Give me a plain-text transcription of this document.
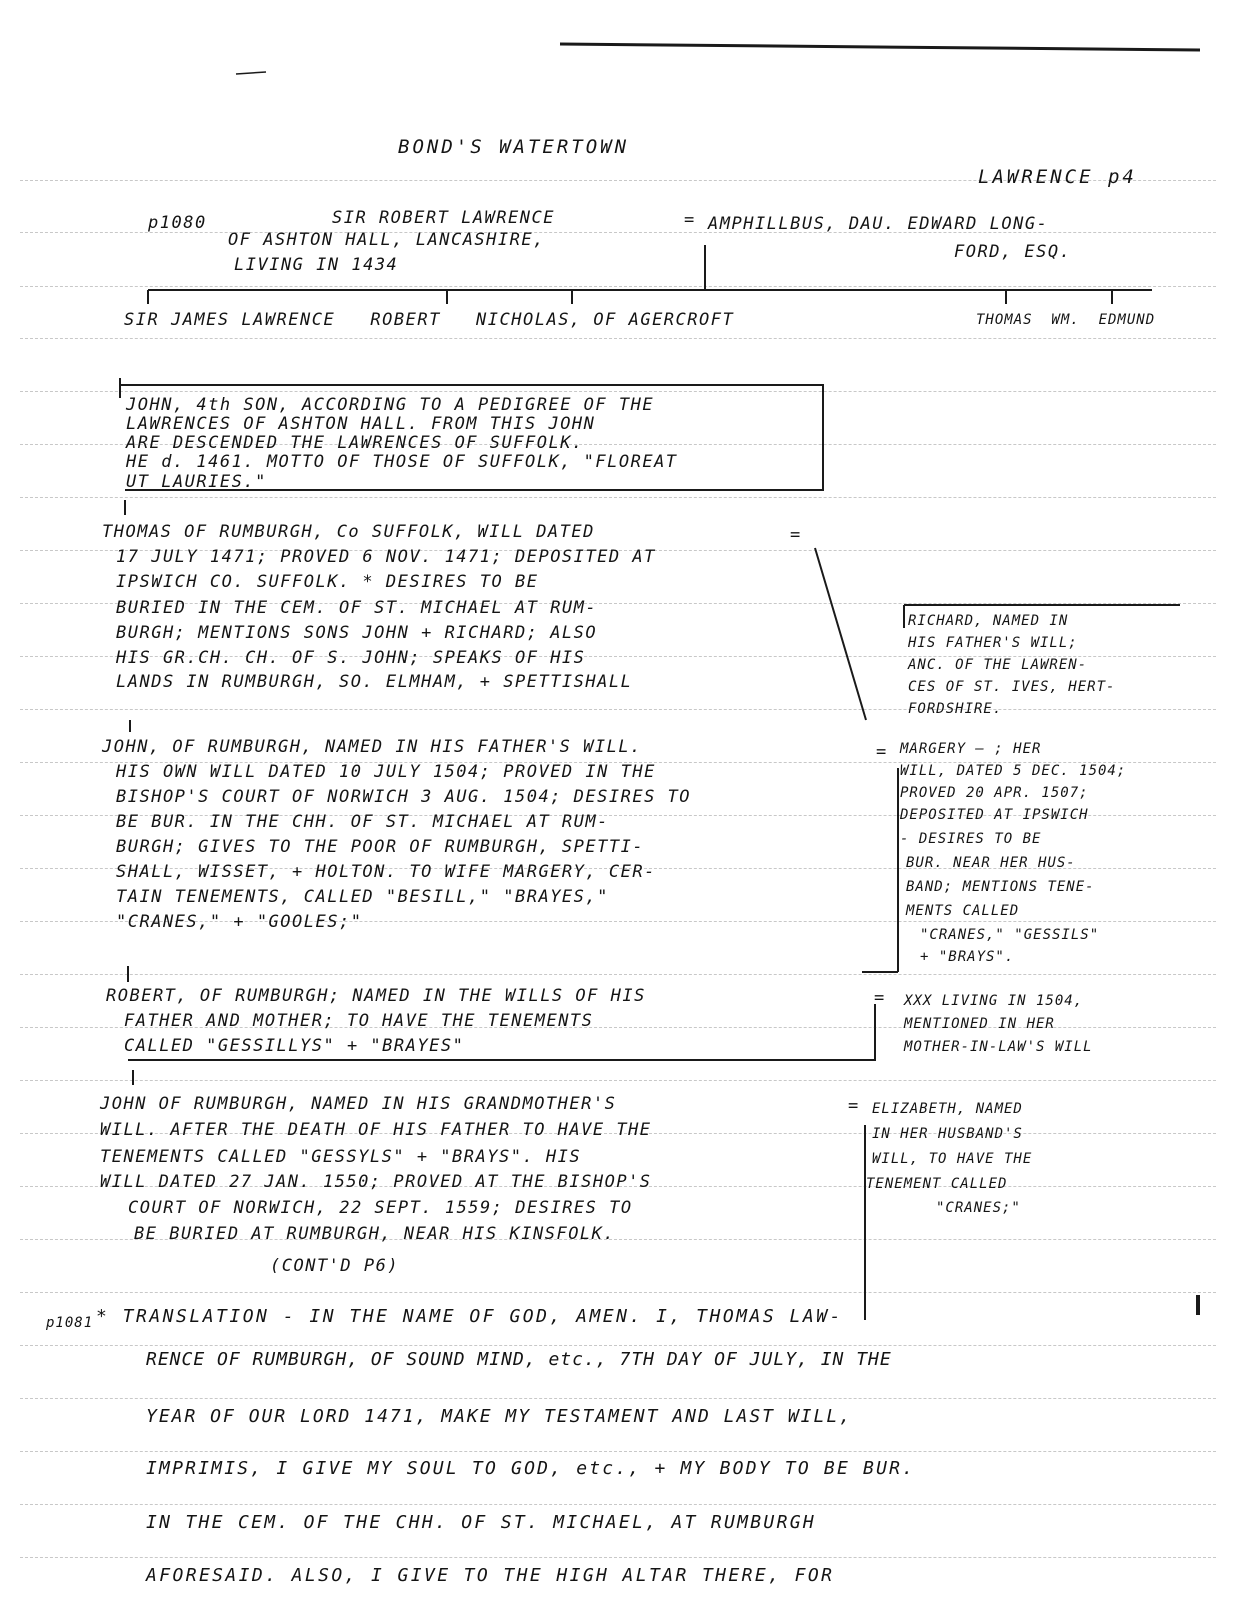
BOND'S WATERTOWN
LAWRENCE p4
p1080	SIR ROBERT LAWRENCE
OF ASHTON HALL, LANCASHIRE,
LIVING IN 1434
= AMPHILLBUS, DAU. EDWARD LONG-
FORD, ESQ.
SIR JAMES LAWRENCE   ROBERT   NICHOLAS, OF AGERCROFT	THOMAS  WM.  EDMUND
JOHN, 4th SON, ACCORDING TO A PEDIGREE OF THE
LAWRENCES OF ASHTON HALL. FROM THIS JOHN
ARE DESCENDED THE LAWRENCES OF SUFFOLK.
HE d. 1461. MOTTO OF THOSE OF SUFFOLK, "FLOREAT
UT LAURIES."
THOMAS OF RUMBURGH, Co SUFFOLK, WILL DATED
17 JULY 1471; PROVED 6 NOV. 1471; DEPOSITED AT
IPSWICH CO. SUFFOLK. * DESIRES TO BE
BURIED IN THE CEM. OF ST. MICHAEL AT RUM-
BURGH; MENTIONS SONS JOHN + RICHARD; ALSO
HIS GR.CH. CH. OF S. JOHN; SPEAKS OF HIS
LANDS IN RUMBURGH, SO. ELMHAM, + SPETTISHALL
=
JOHN, OF RUMBURGH, NAMED IN HIS FATHER'S WILL.
HIS OWN WILL DATED 10 JULY 1504; PROVED IN THE
BISHOP'S COURT OF NORWICH 3 AUG. 1504; DESIRES TO
BE BUR. IN THE CHH. OF ST. MICHAEL AT RUM-
BURGH; GIVES TO THE POOR OF RUMBURGH, SPETTI-
SHALL, WISSET, + HOLTON. TO WIFE MARGERY, CER-
TAIN TENEMENTS, CALLED "BESILL," "BRAYES,"
"CRANES," + "GOOLES;"
ROBERT, OF RUMBURGH; NAMED IN THE WILLS OF HIS
FATHER AND MOTHER; TO HAVE THE TENEMENTS
CALLED "GESSILLYS" + "BRAYES"
=
JOHN OF RUMBURGH, NAMED IN HIS GRANDMOTHER'S
WILL. AFTER THE DEATH OF HIS FATHER TO HAVE THE
TENEMENTS CALLED "GESSYLS" + "BRAYS". HIS
WILL DATED 27 JAN. 1550; PROVED AT THE BISHOP'S
COURT OF NORWICH, 22 SEPT. 1559; DESIRES TO
BE BURIED AT RUMBURGH, NEAR HIS KINSFOLK.
(CONT'D P6)
=
RICHARD, NAMED IN
HIS FATHER'S WILL;
ANC. OF THE LAWREN-
CES OF ST. IVES, HERT-
FORDSHIRE.
MARGERY — ; HER
WILL, DATED 5 DEC. 1504;
PROVED 20 APR. 1507;
DEPOSITED AT IPSWICH
- DESIRES TO BE
BUR. NEAR HER HUS-
BAND; MENTIONS TENE-
MENTS CALLED
"CRANES," "GESSILS"
+ "BRAYS".
=
XXX LIVING IN 1504,
MENTIONED IN HER
MOTHER-IN-LAW'S WILL
ELIZABETH, NAMED
IN HER HUSBAND'S
WILL, TO HAVE THE
TENEMENT CALLED
"CRANES;"
p1081 * TRANSLATION - IN THE NAME OF GOD, AMEN. I, THOMAS LAW-
RENCE OF RUMBURGH, OF SOUND MIND, etc., 7TH DAY OF JULY, IN THE
YEAR OF OUR LORD 1471, MAKE MY TESTAMENT AND LAST WILL,
IMPRIMIS, I GIVE MY SOUL TO GOD, etc., + MY BODY TO BE BUR.
IN THE CEM. OF THE CHH. OF ST. MICHAEL, AT RUMBURGH
AFORESAID. ALSO, I GIVE TO THE HIGH ALTAR THERE, FOR
